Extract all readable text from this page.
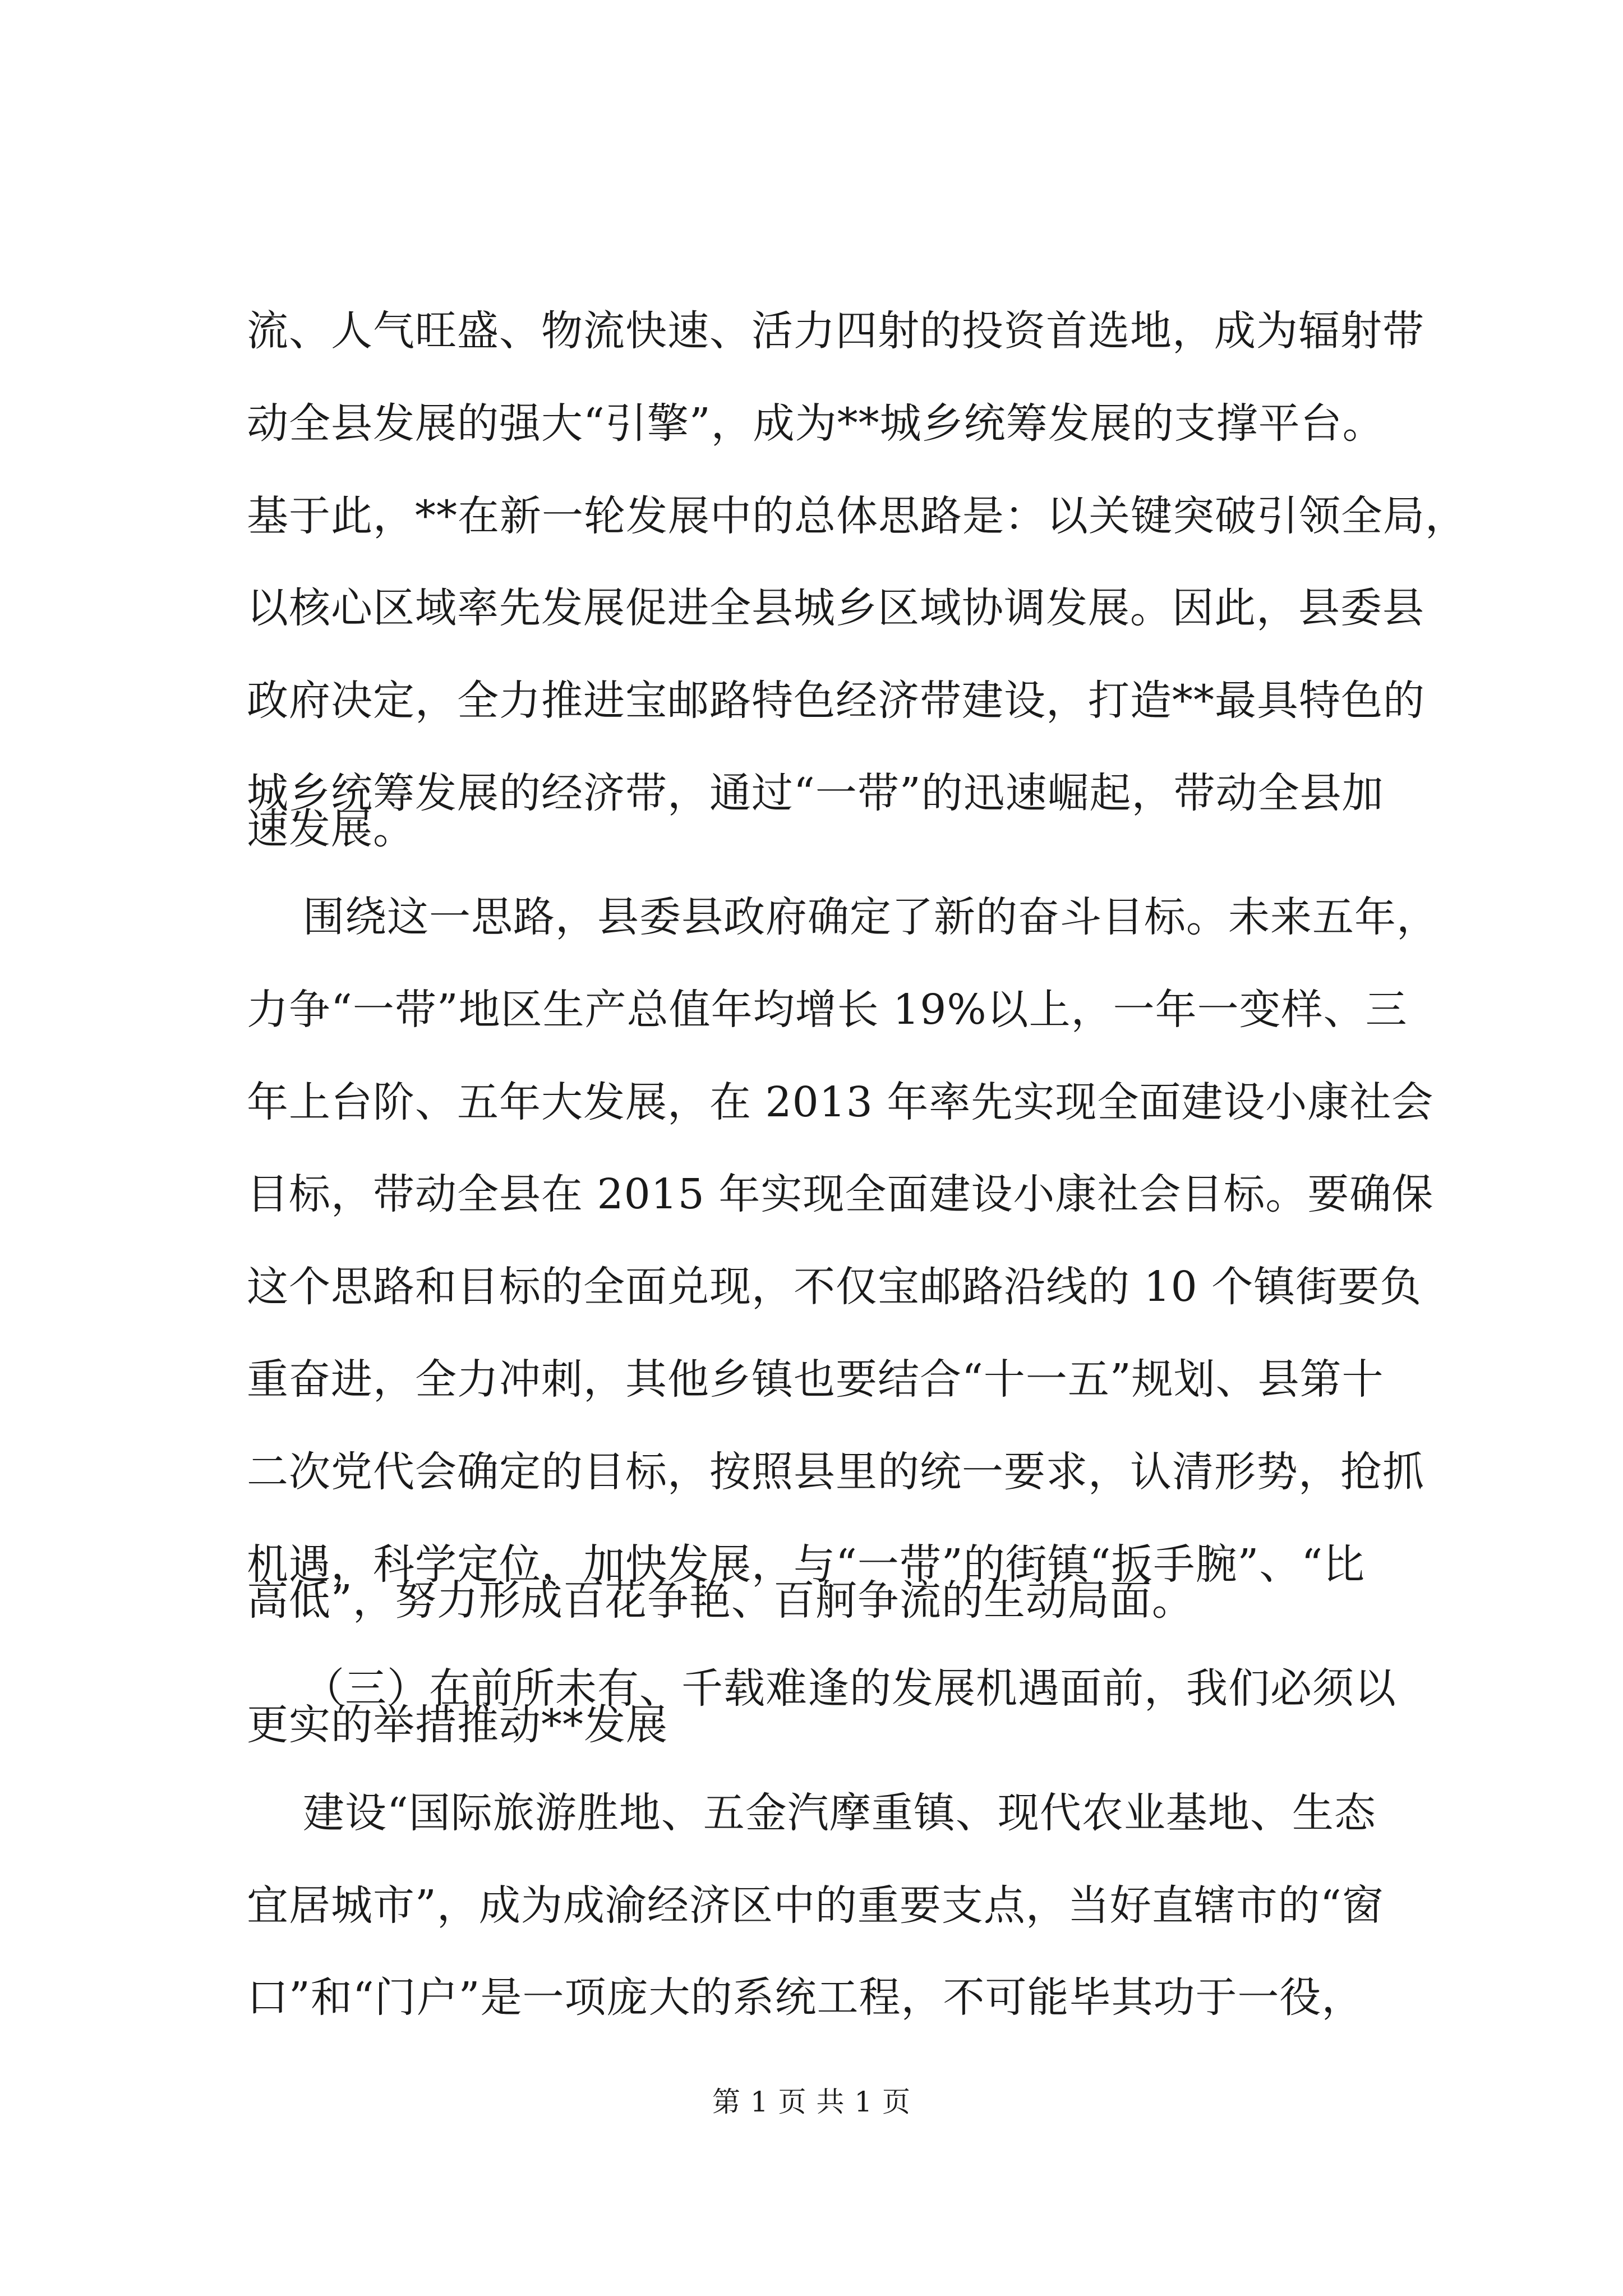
流、人气旺盛、物流快速、活力四射的投资首选地，成为辐射带
动全县发展的强大“引擎”，成为**城乡统筹发展的支撑平台。
基于此，**在新一轮发展中的总体思路是：以关键突破引领全局，
以核心区域率先发展促进全县城乡区域协调发展。因此，县委县
政府决定，全力推进宝邮路特色经济带建设，打造**最具特色的
城乡统筹发展的经济带，通过“一带”的迅速崛起，带动全县加
速发展。
围绕这一思路，县委县政府确定了新的奋斗目标。未来五年，
力争“一带”地区生产总值年均增长 19%以上，一年一变样、三
年上台阶、五年大发展，在 2013 年率先实现全面建设小康社会
目标，带动全县在 2015 年实现全面建设小康社会目标。要确保
这个思路和目标的全面兑现，不仅宝邮路沿线的 10 个镇街要负
重奋进，全力冲刺，其他乡镇也要结合“十一五”规划、县第十
二次党代会确定的目标，按照县里的统一要求，认清形势，抢抓
机遇，科学定位，加快发展，与“一带”的街镇“扳手腕”、“比
高低”，努力形成百花争艳、百舸争流的生动局面。
（三）在前所未有、千载难逢的发展机遇面前，我们必须以
更实的举措推动**发展
建设“国际旅游胜地、五金汽摩重镇、现代农业基地、生态
宜居城市”，成为成渝经济区中的重要支点，当好直辖市的“窗
口”和“门户”是一项庞大的系统工程，不可能毕其功于一役，
第 1 页 共 1 页
